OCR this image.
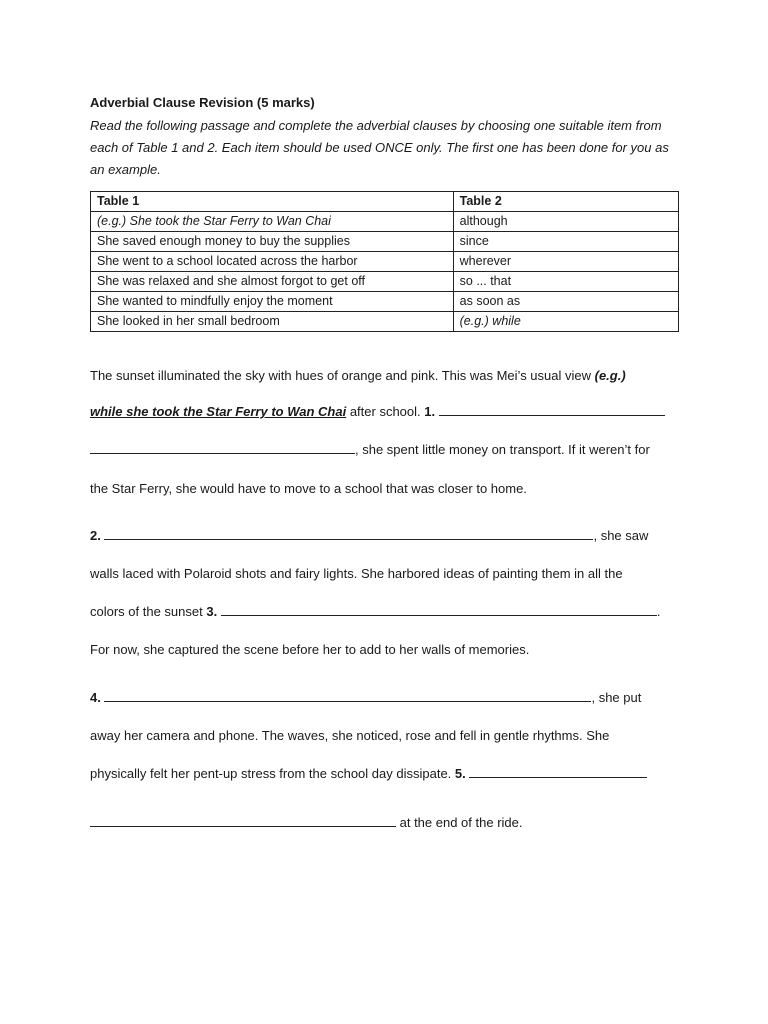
Adverbial Clause Revision (5 marks)
Read the following passage and complete the adverbial clauses by choosing one suitable item from each of Table 1 and 2. Each item should be used ONCE only. The first one has been done for you as an example.
Table 1	Table 2
(e.g.) She took the Star Ferry to Wan Chai	although
She saved enough money to buy the supplies	since
She went to a school located across the harbor	wherever
She was relaxed and she almost forgot to get off	so ... that
She wanted to mindfully enjoy the moment	as soon as
She looked in her small bedroom	(e.g.) while
The sunset illuminated the sky with hues of orange and pink. This was Mei’s usual view (e.g.)
while she took the Star Ferry to Wan Chai after school. 1.
, she spent little money on transport. If it weren’t for
the Star Ferry, she would have to move to a school that was closer to home.
2.	, she saw
walls laced with Polaroid shots and fairy lights. She harbored ideas of painting them in all the
colors of the sunset 3.	.
For now, she captured the scene before her to add to her walls of memories.
4.	, she put
away her camera and phone. The waves, she noticed, rose and fell in gentle rhythms. She
physically felt her pent-up stress from the school day dissipate. 5.
at the end of the ride.
